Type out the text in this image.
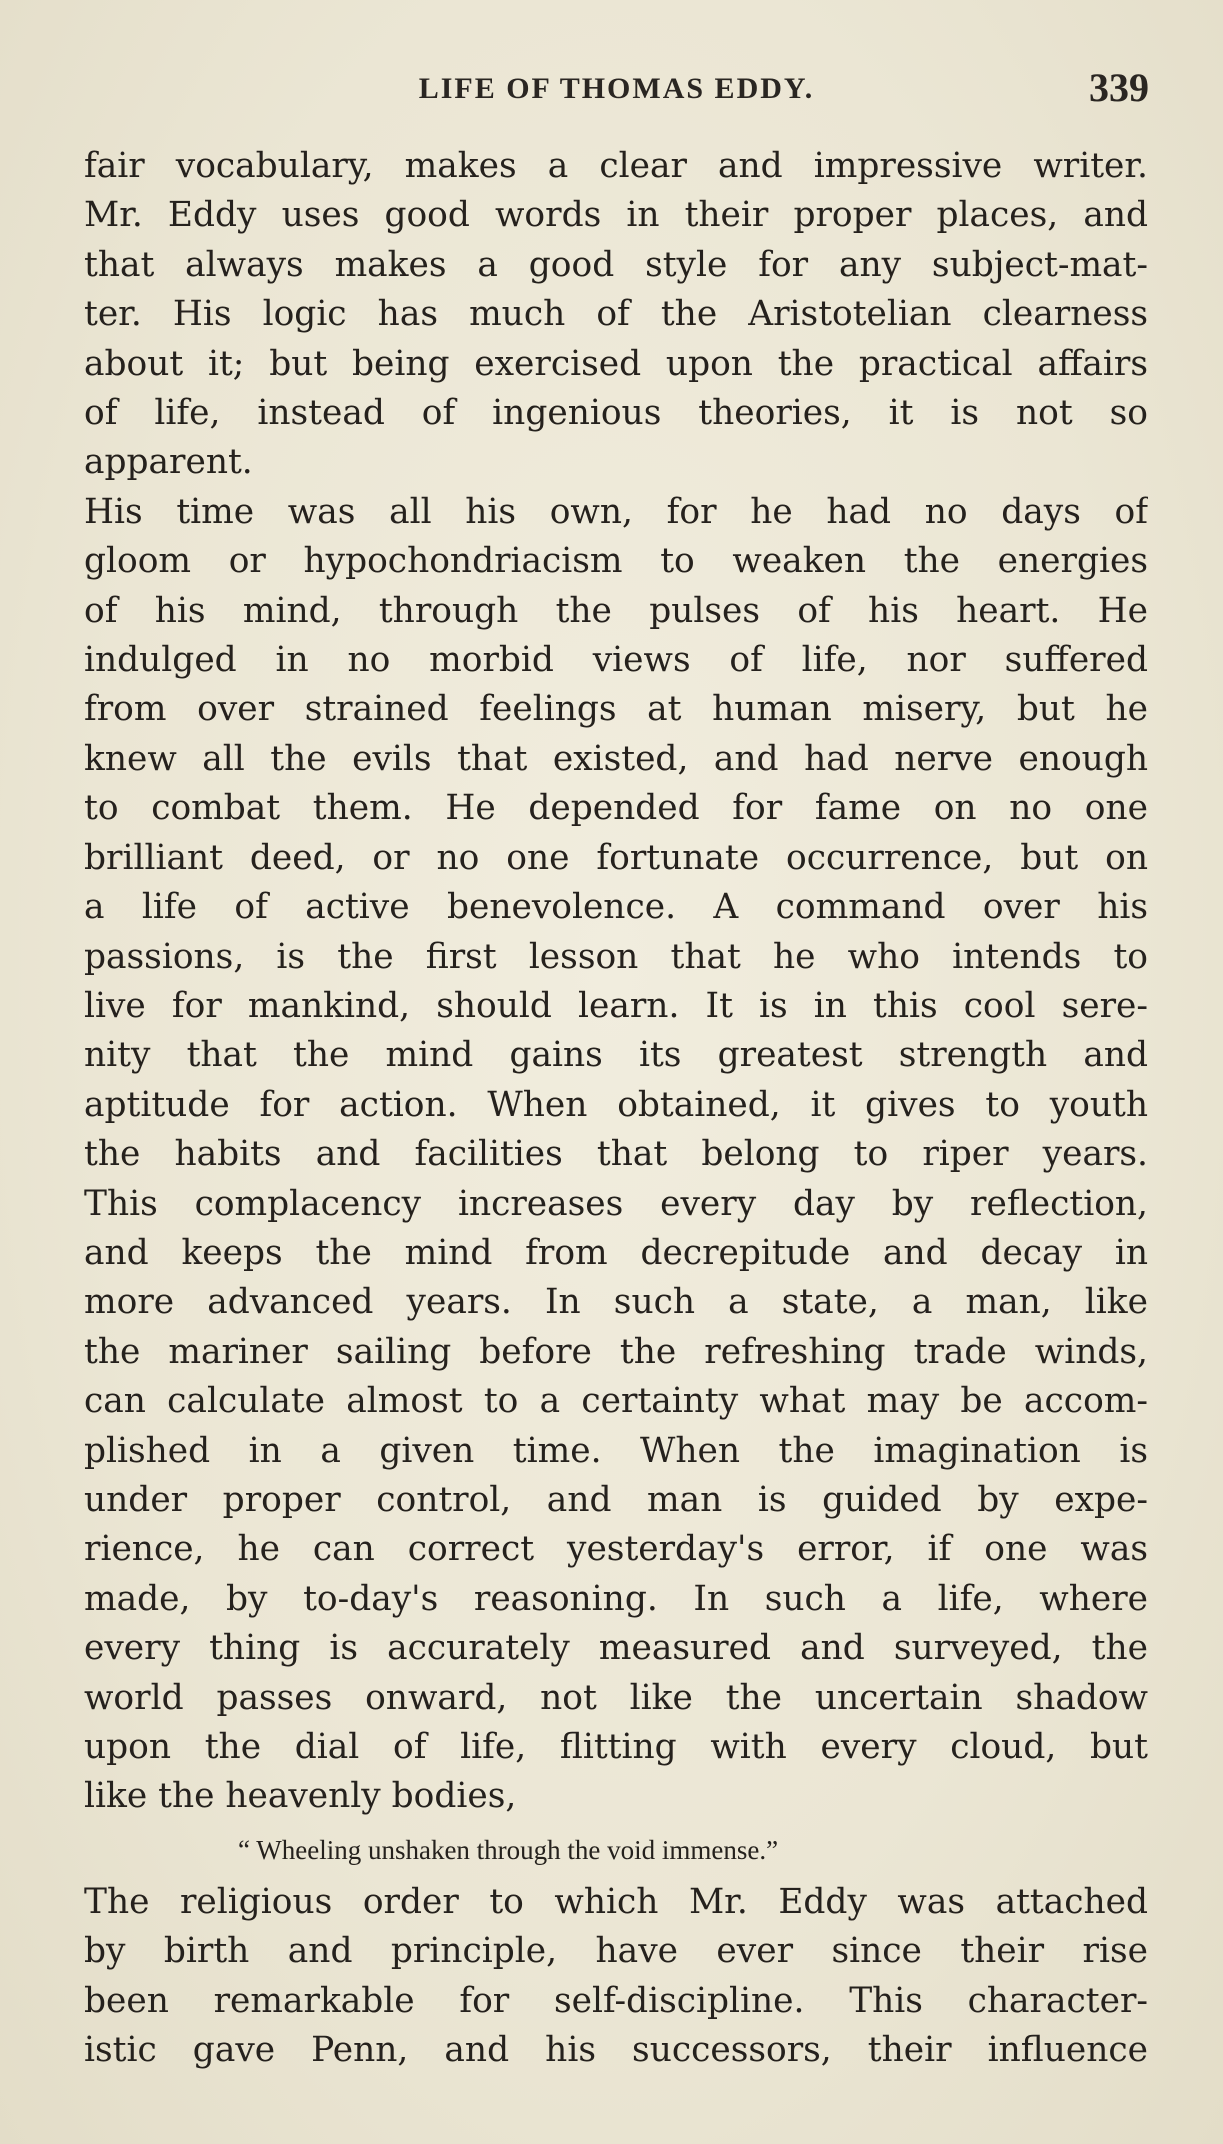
LIFE OF THOMAS EDDY.	339
fair vocabulary, makes a clear and impressive writer.
Mr. Eddy uses good words in their proper places, and
that always makes a good style for any subject-mat-
ter. His logic has much of the Aristotelian clearness
about it; but being exercised upon the practical affairs
of life, instead of ingenious theories, it is not so
apparent.
His time was all his own, for he had no days of
gloom or hypochondriacism to weaken the energies
of his mind, through the pulses of his heart. He
indulged in no morbid views of life, nor suffered
from over strained feelings at human misery, but he
knew all the evils that existed, and had nerve enough
to combat them. He depended for fame on no one
brilliant deed, or no one fortunate occurrence, but on
a life of active benevolence. A command over his
passions, is the first lesson that he who intends to
live for mankind, should learn. It is in this cool sere-
nity that the mind gains its greatest strength and
aptitude for action. When obtained, it gives to youth
the habits and facilities that belong to riper years.
This complacency increases every day by reflection,
and keeps the mind from decrepitude and decay in
more advanced years. In such a state, a man, like
the mariner sailing before the refreshing trade winds,
can calculate almost to a certainty what may be accom-
plished in a given time. When the imagination is
under proper control, and man is guided by expe-
rience, he can correct yesterday's error, if one was
made, by to-day's reasoning. In such a life, where
every thing is accurately measured and surveyed, the
world passes onward, not like the uncertain shadow
upon the dial of life, flitting with every cloud, but
like the heavenly bodies,
“ Wheeling unshaken through the void immense.”
The religious order to which Mr. Eddy was attached
by birth and principle, have ever since their rise
been remarkable for self-discipline. This character-
istic gave Penn, and his successors, their influence
